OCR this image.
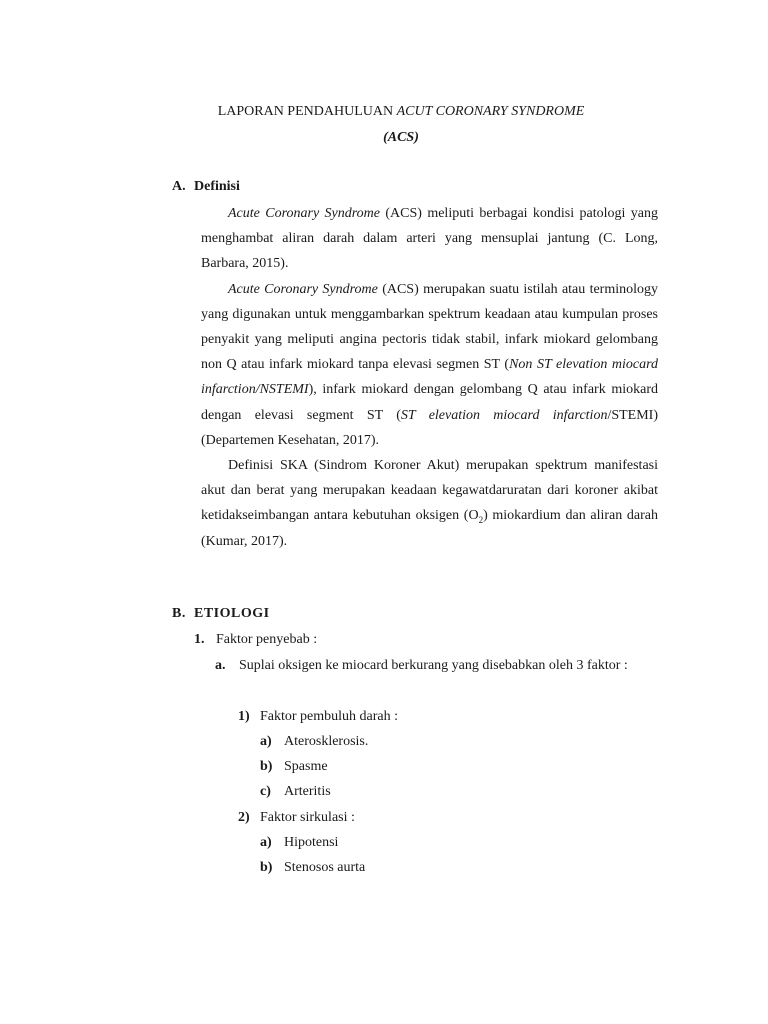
LAPORAN PENDAHULUAN ACUT CORONARY SYNDROME
(ACS)
A. Definisi

Acute Coronary Syndrome (ACS) meliputi berbagai kondisi patologi yang menghambat aliran darah dalam arteri yang mensuplai jantung (C. Long, Barbara, 2015).

Acute Coronary Syndrome (ACS) merupakan suatu istilah atau terminology yang digunakan untuk menggambarkan spektrum keadaan atau kumpulan proses penyakit yang meliputi angina pectoris tidak stabil, infark miokard gelombang non Q atau infark miokard tanpa elevasi segmen ST (Non ST elevation miocard infarction/NSTEMI), infark miokard dengan gelombang Q atau infark miokard dengan elevasi segment ST (ST elevation miocard infarction/STEMI) (Departemen Kesehatan, 2017).

Definisi SKA (Sindrom Koroner Akut) merupakan spektrum manifestasi akut dan berat yang merupakan keadaan kegawatdaruratan dari koroner akibat ketidakseimbangan antara kebutuhan oksigen $(O_2)$ miokardium dan aliran darah (Kumar, 2017).

B. ETIOLOGI
1. Faktor penyebab :
a. Suplai oksigen ke miocard berkurang yang disebabkan oleh 3 faktor :
1) Faktor pembuluh darah :
a) Aterosklerosis.
b) Spasme
c) Arteritis
2) Faktor sirkulasi :
a) Hipotensi
b) Stenosos aurta
